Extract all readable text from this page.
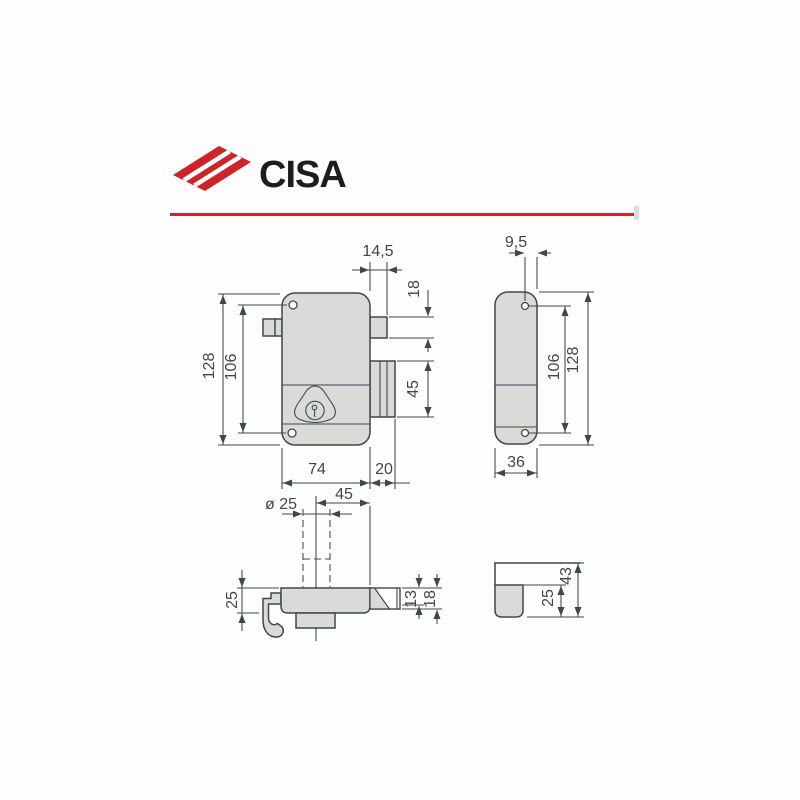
CISA
14,5
18
128 106
45
74	20
9,5
106 128
36
ø 25
45
25	13 18	25
43
